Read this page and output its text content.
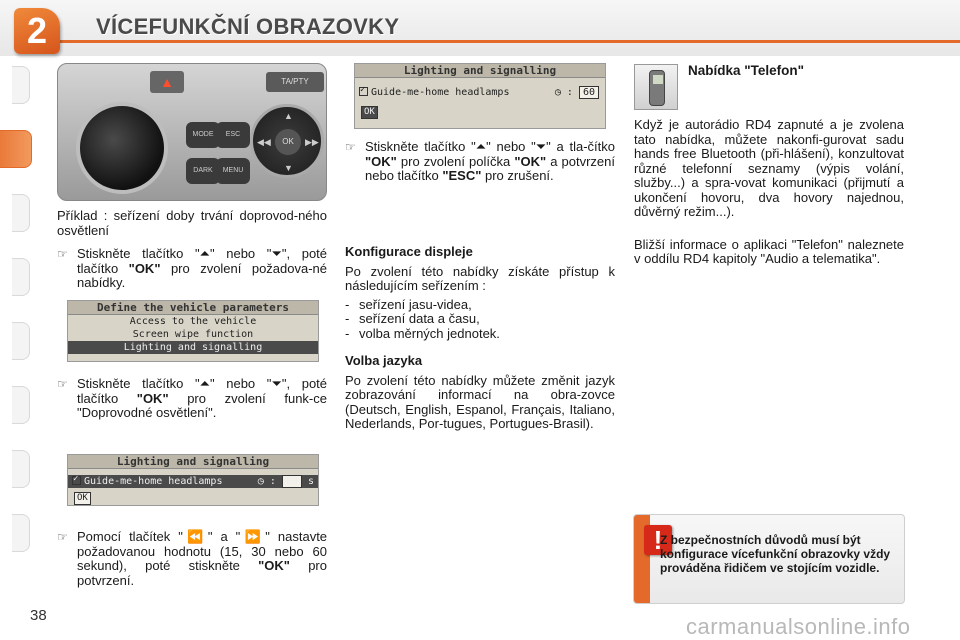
2	VÍCEFUNKČNÍ OBRAZOVKY
▲	TA/PTY
MODE
DARK
ESC
MENU
▲
▼
◀◀	▶▶
OK

Příklad : seřízení doby trvání doprovod-ného osvětlení

☞ Stiskněte tlačítko "⏶" nebo "⏷", poté tlačítko "OK" pro zvolení požadova-né nabídky.

Define the vehicle parameters
Access to the vehicle
Screen wipe function
Lighting and signalling
☞ Stiskněte tlačítko "⏶" nebo "⏷", poté tlačítko "OK" pro zvolení funk-ce "Doprovodné osvětlení".

Lighting and signalling
✓Guide-me-home headlamps	◷ : 60 s
OK
☞ Pomocí tlačítek "⏪" a "⏩" nastavte požadovanou hodnotu (15, 30 nebo 60 sekund), poté stiskněte "OK" pro potvrzení.

Lighting and signalling
✓Guide-me-home headlamps	◷ : 60
OK
☞ Stiskněte tlačítko "⏶" nebo "⏷" a tla-čítko "OK" pro zvolení políčka "OK" a potvrzení nebo tlačítko "ESC" pro zrušení.

Konfigurace displeje

Po zvolení této nabídky získáte přístup k následujícím seřízením :

- seřízení jasu-videa,
- seřízení data a času,
- volba měrných jednotek.
Volba jazyka

Po zvolení této nabídky můžete změnit jazyk zobrazování informací na obra-zovce (Deutsch, English, Espanol, Français, Italiano, Nederlands, Por-tugues, Portugues-Brasil).

Nabídka "Telefon"

Když je autorádio RD4 zapnuté a je zvolena tato nabídka, můžete nakonfi-gurovat sadu hands free Bluetooth (při-hlášení), konzultovat různé telefonní seznamy (výpis volání, služby...) a spra-vovat komunikaci (přijmutí a ukončení hovoru, dva hovory najednou, důvěrný režim...).

Bližší informace o aplikaci "Telefon" naleznete v oddílu RD4 kapitoly "Audio a telematika".

!
Z bezpečnostních důvodů musí být konfigurace vícefunkční obrazovky vždy prováděna řidičem ve stojícím vozidle.
38	carmanualsonline.info
